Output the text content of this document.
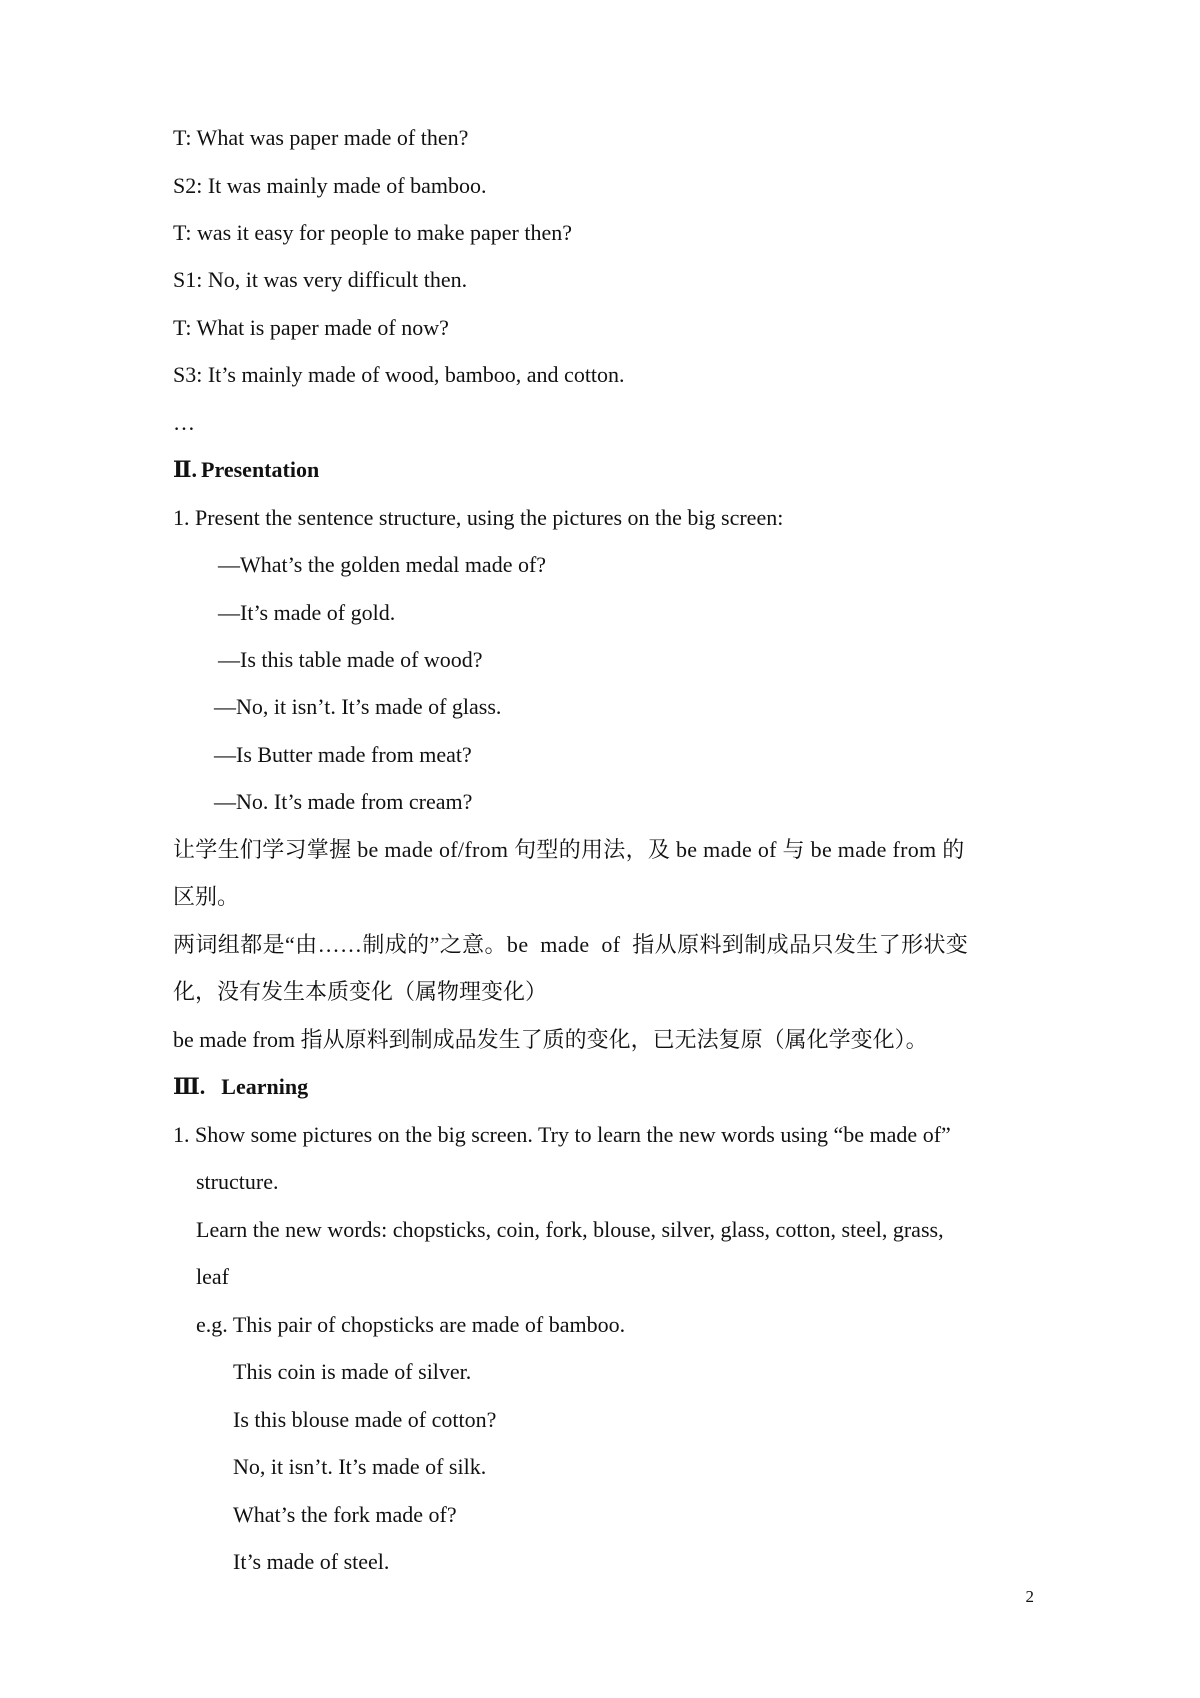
T: What was paper made of then?
S2: It was mainly made of bamboo.
T: was it easy for people to make paper then?
S1: No, it was very difficult then.
T: What is paper made of now?
S3: It’s mainly made of wood, bamboo, and cotton.
…
Ⅱ. Presentation
1. Present the sentence structure, using the pictures on the big screen:
—What’s the golden medal made of?
—It’s made of gold.
—Is this table made of wood?
—No, it isn’t. It’s made of glass.
—Is Butter made from meat?
—No. It’s made from cream?
让学生们学习掌握 be made of/from 句型的用法，及 be made of 与 be made from 的
区别。
两词组都是“由……制成的”之意。be  made  of  指从原料到制成品只发生了形状变
化，没有发生本质变化（属物理变化）
be made from 指从原料到制成品发生了质的变化，已无法复原（属化学变化）。
Ⅲ. Learning
1. Show some pictures on the big screen. Try to learn the new words using “be made of”
structure.
Learn the new words: chopsticks, coin, fork, blouse, silver, glass, cotton, steel, grass,
leaf
e.g. This pair of chopsticks are made of bamboo.
This coin is made of silver.
Is this blouse made of cotton?
No, it isn’t. It’s made of silk.
What’s the fork made of?
It’s made of steel.
2
